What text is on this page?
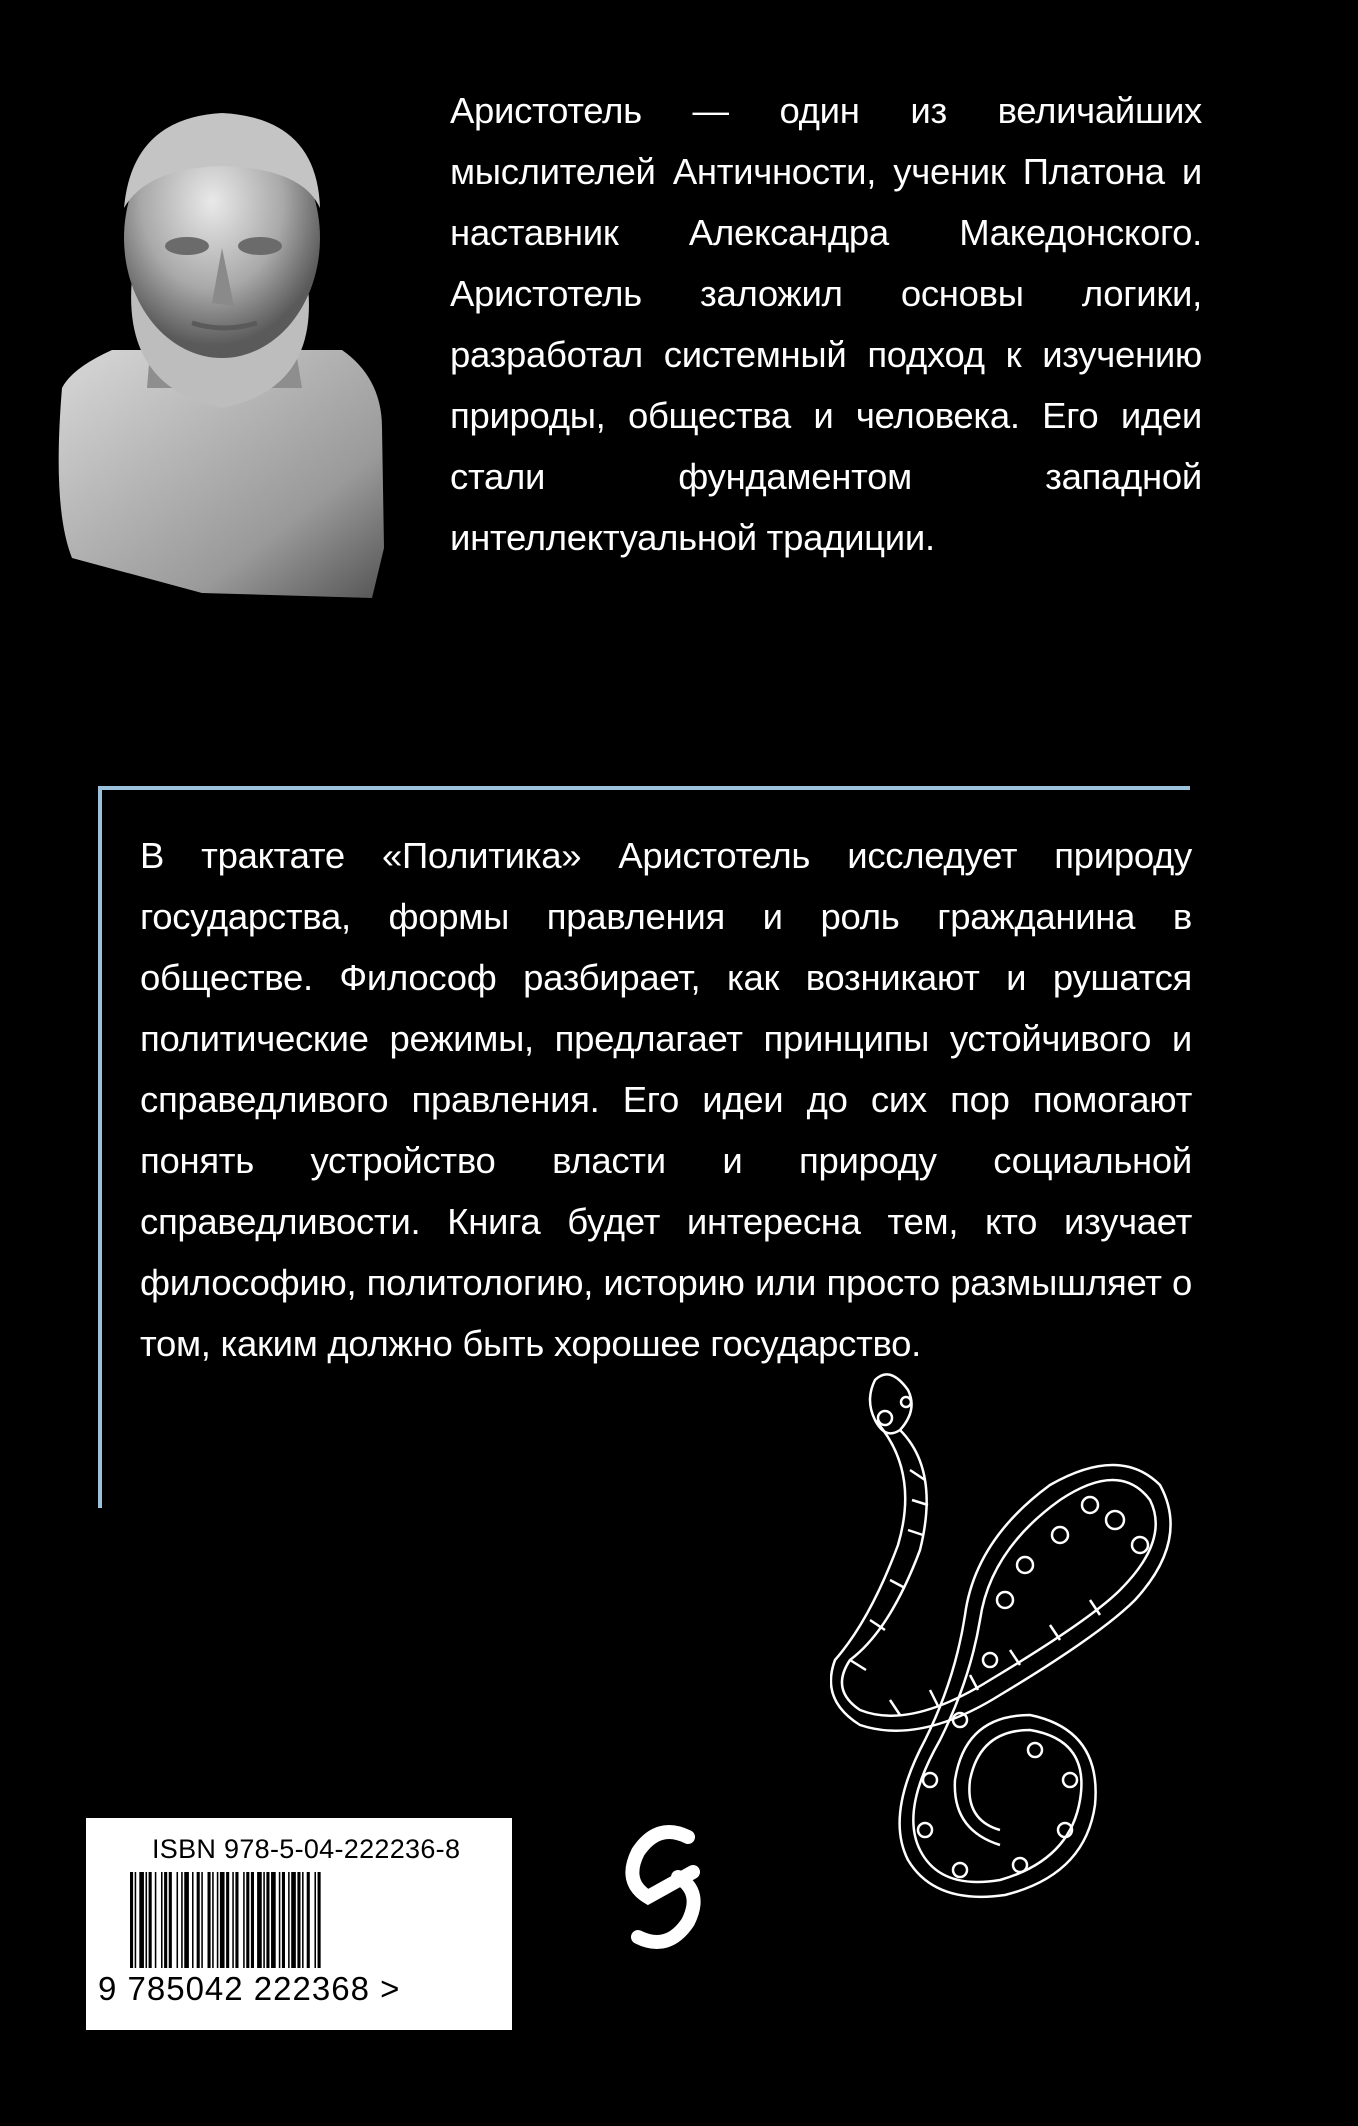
Аристотель — один из величайших мыслителей Античности, ученик Платона и наставник Александра Македонского. Аристотель заложил основы логики, разработал системный подход к изучению природы, общества и человека. Его идеи стали фундаментом западной интеллектуальной традиции.
В трактате «Политика» Аристотель исследует природу государства, формы правления и роль гражданина в обществе. Философ разбирает, как возникают и рушатся политические режимы, предлагает принципы устойчивого и справедливого правления. Его идеи до сих пор помогают понять устройство власти и природу социальной справедливости. Книга будет интересна тем, кто изучает философию, политологию, историю или просто размышляет о том, каким должно быть хорошее государство.
ISBN 978-5-04-222236-8
9 785042 222368 >
